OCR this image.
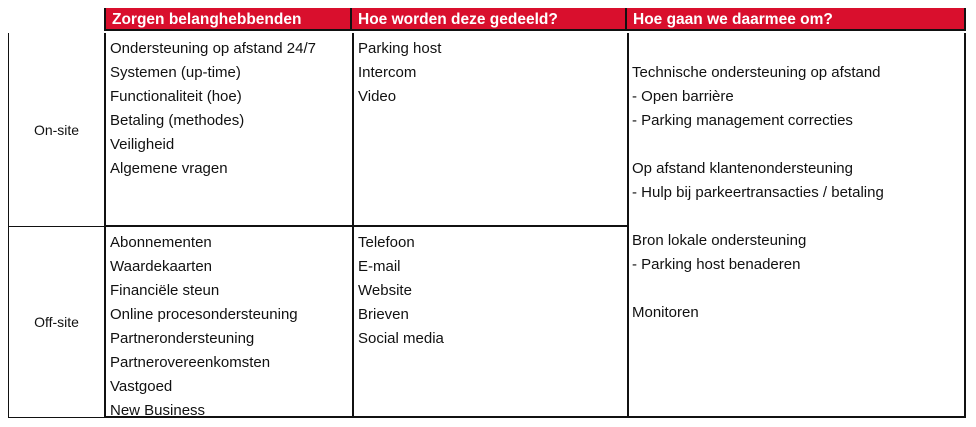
Zorgen belanghebbenden	Hoe worden deze gedeeld?	Hoe gaan we daarmee om?
On-site
Ondersteuning op afstand 24/7
Systemen (up-time)
Functionaliteit (hoe)
Betaling (methodes)
Veiligheid
Algemene vragen
Parking host
Intercom
Video
Off-site
Abonnementen
Waardekaarten
Financiële steun
Online procesondersteuning
Partnerondersteuning
Partnerovereenkomsten
Vastgoed
New Business
Telefoon
E-mail
Website
Brieven
Social media
Technische ondersteuning op afstand
- Open barrière
- Parking management correcties
Op afstand klantenondersteuning
- Hulp bij parkeertransacties / betaling
Bron lokale ondersteuning
- Parking host benaderen
Monitoren
